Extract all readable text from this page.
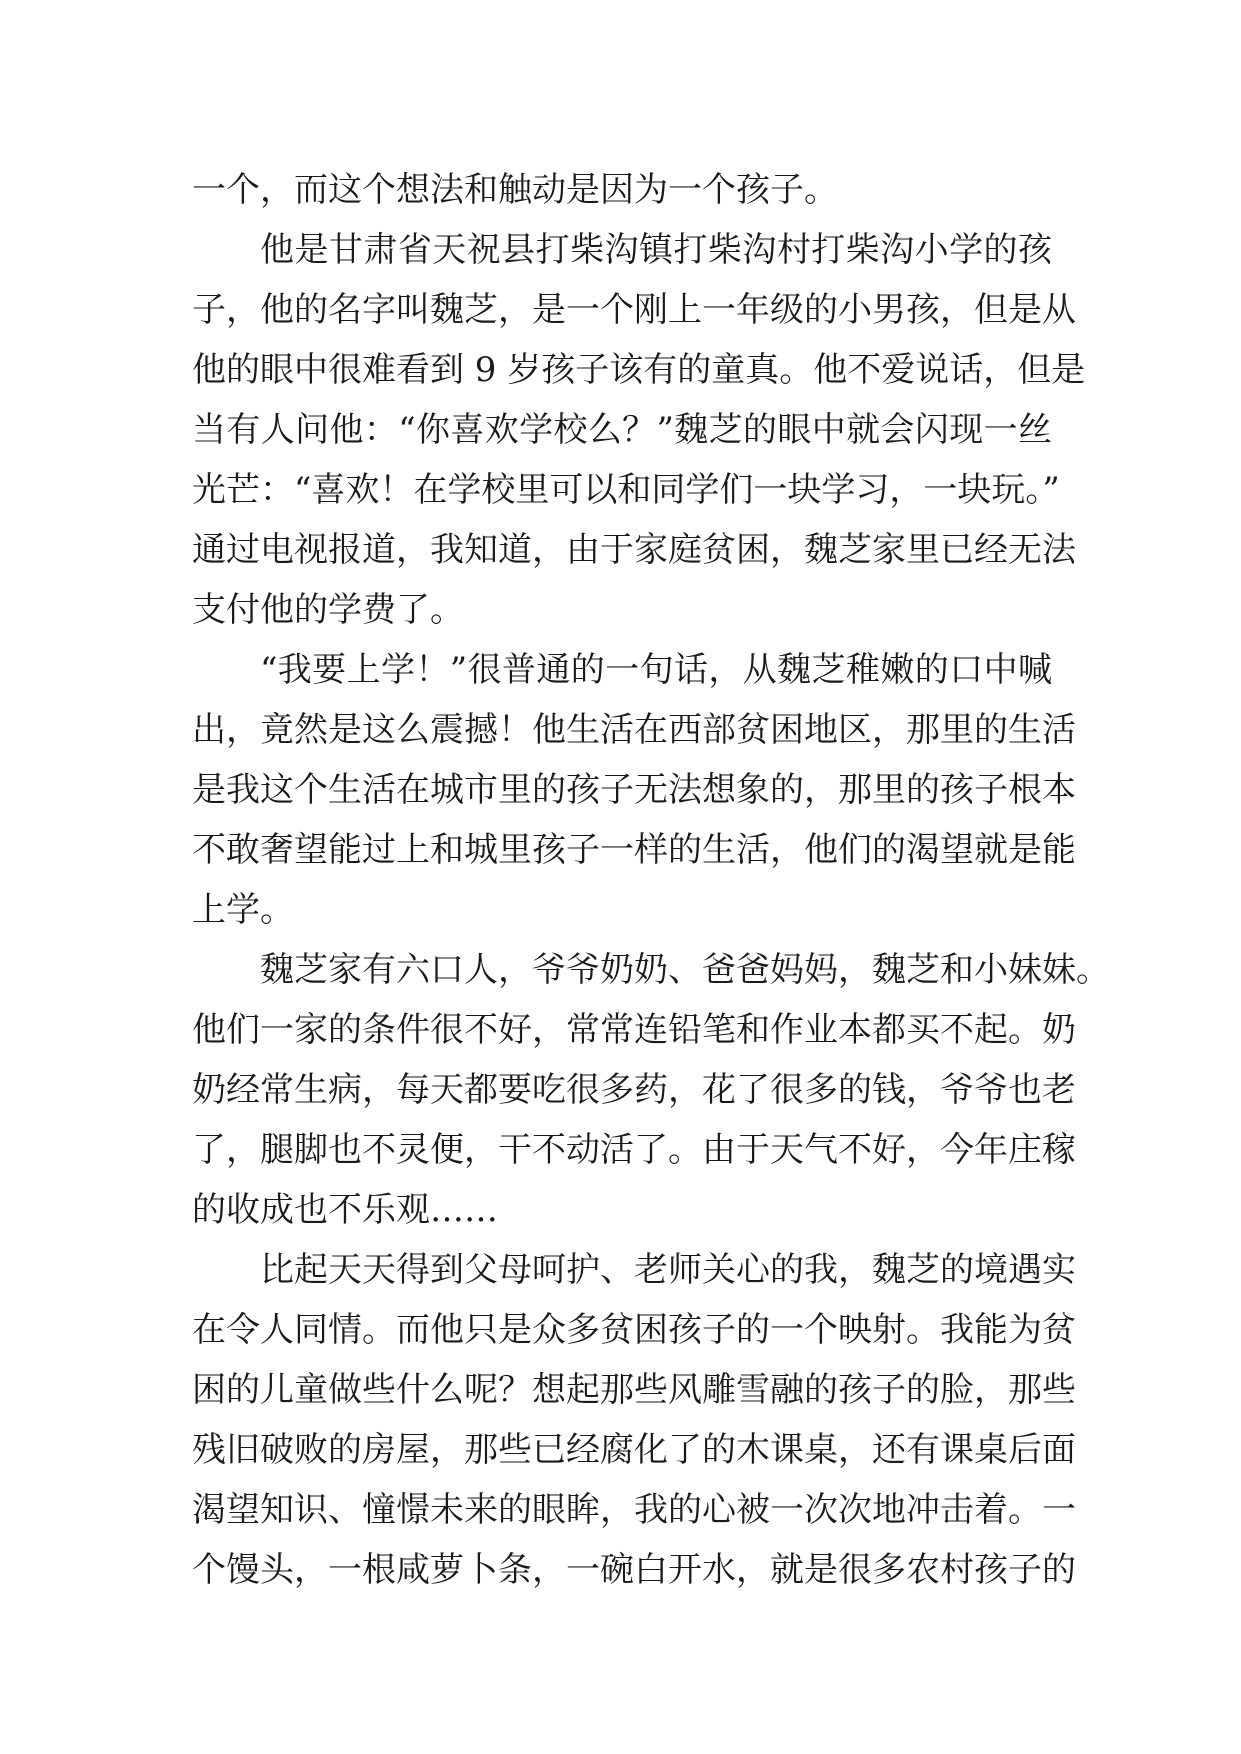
一个，而这个想法和触动是因为一个孩子。
他是甘肃省天祝县打柴沟镇打柴沟村打柴沟小学的孩
子，他的名字叫魏芝，是一个刚上一年级的小男孩，但是从
他的眼中很难看到 9 岁孩子该有的童真。他不爱说话，但是
当有人问他：“你喜欢学校么？”魏芝的眼中就会闪现一丝
光芒：“喜欢！在学校里可以和同学们一块学习，一块玩。”
通过电视报道，我知道，由于家庭贫困，魏芝家里已经无法
支付他的学费了。
“我要上学！”很普通的一句话，从魏芝稚嫩的口中喊
出，竟然是这么震撼！他生活在西部贫困地区，那里的生活
是我这个生活在城市里的孩子无法想象的，那里的孩子根本
不敢奢望能过上和城里孩子一样的生活，他们的渴望就是能
上学。
魏芝家有六口人，爷爷奶奶、爸爸妈妈，魏芝和小妹妹。
他们一家的条件很不好，常常连铅笔和作业本都买不起。奶
奶经常生病，每天都要吃很多药，花了很多的钱，爷爷也老
了，腿脚也不灵便，干不动活了。由于天气不好，今年庄稼
的收成也不乐观……
比起天天得到父母呵护、老师关心的我，魏芝的境遇实
在令人同情。而他只是众多贫困孩子的一个映射。我能为贫
困的儿童做些什么呢？想起那些风雕雪融的孩子的脸，那些
残旧破败的房屋，那些已经腐化了的木课桌，还有课桌后面
渴望知识、憧憬未来的眼眸，我的心被一次次地冲击着。一
个馒头，一根咸萝卜条，一碗白开水，就是很多农村孩子的
